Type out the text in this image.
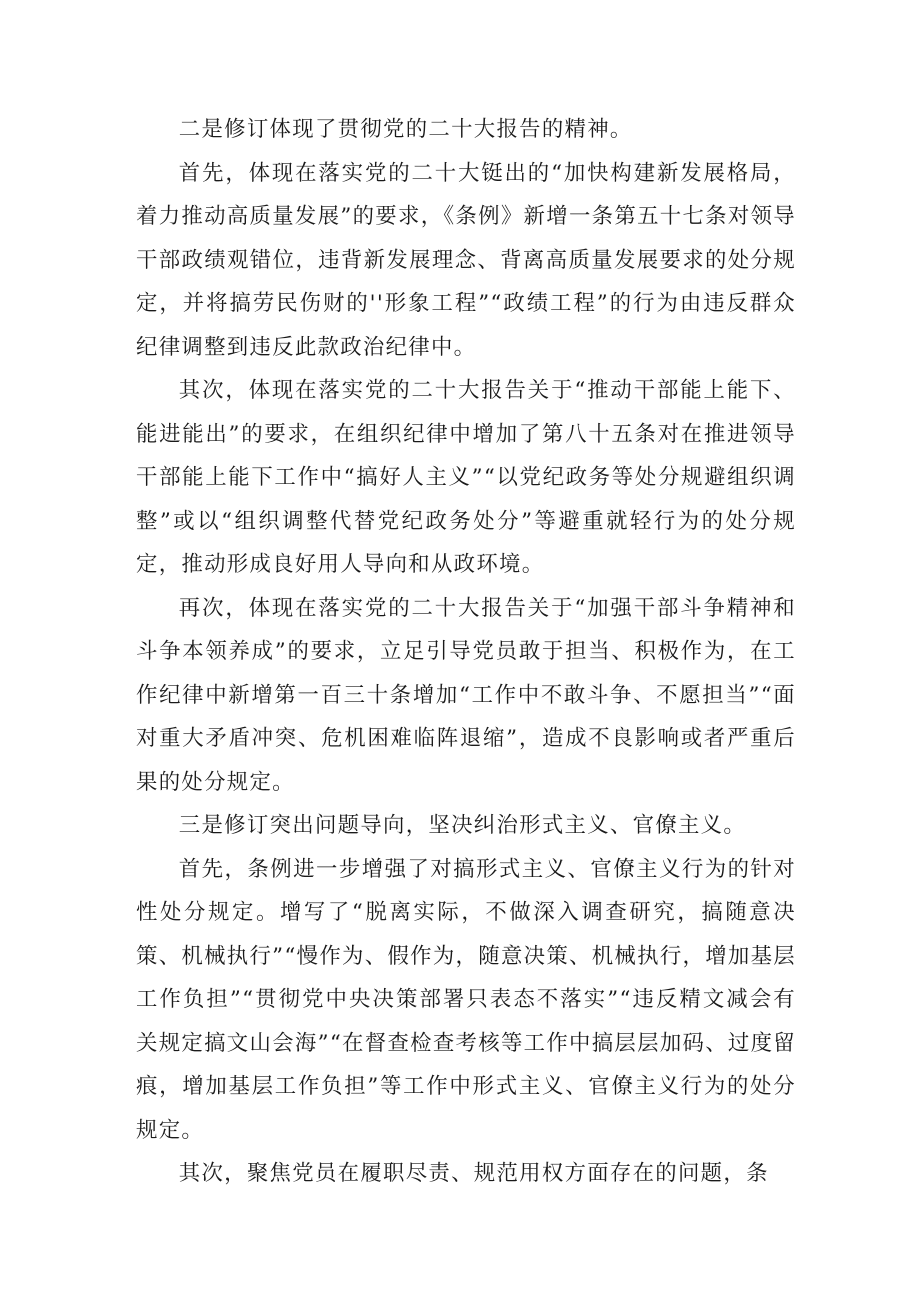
二是修订体现了贯彻党的二十大报告的精神。

首先，体现在落实党的二十大铤出的“加快构建新发展格局，着力推动高质量发展”的要求，《条例》新增一条第五十七条对领导干部政绩观错位，违背新发展理念、背离高质量发展要求的处分规定，并将搞劳民伤财的''形象工程”“政绩工程”的行为由违反群众纪律调整到违反此款政治纪律中。

其次，体现在落实党的二十大报告关于“推动干部能上能下、能进能出”的要求，在组织纪律中增加了第八十五条对在推进领导干部能上能下工作中“搞好人主义”“以党纪政务等处分规避组织调整”或以“组织调整代替党纪政务处分”等避重就轻行为的处分规定，推动形成良好用人导向和从政环境。

再次，体现在落实党的二十大报告关于“加强干部斗争精神和斗争本领养成”的要求，立足引导党员敢于担当、积极作为，在工作纪律中新增第一百三十条增加“工作中不敢斗争、不愿担当”“面对重大矛盾冲突、危机困难临阵退缩”，造成不良影响或者严重后果的处分规定。

三是修订突出问题导向，坚决纠治形式主义、官僚主义。

首先，条例进一步增强了对搞形式主义、官僚主义行为的针对性处分规定。增写了“脱离实际，不做深入调查研究，搞随意决策、机械执行”“慢作为、假作为，随意决策、机械执行，增加基层工作负担”“贯彻党中央决策部署只表态不落实”“违反精文减会有关规定搞文山会海”“在督查检查考核等工作中搞层层加码、过度留痕，增加基层工作负担”等工作中形式主义、官僚主义行为的处分规定。

其次，聚焦党员在履职尽责、规范用权方面存在的问题，条
